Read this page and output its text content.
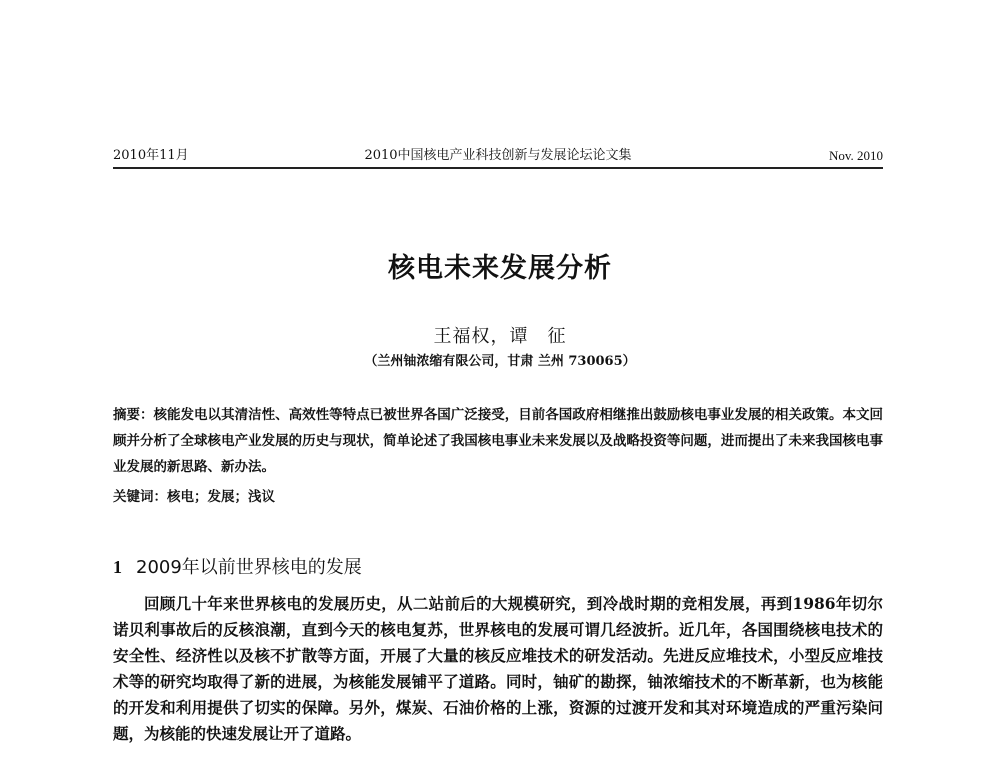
2010年11月	2010中国核电产业科技创新与发展论坛论文集	Nov. 2010
核电未来发展分析
王福权，谭　征
（兰州铀浓缩有限公司，甘肃 兰州 730065）
摘要：核能发电以其清洁性、高效性等特点已被世界各国广泛接受，目前各国政府相继推出鼓励核电事业发展的相关政策。本文回顾并分析了全球核电产业发展的历史与现状，简单论述了我国核电事业未来发展以及战略投资等问题，进而提出了未来我国核电事业发展的新思路、新办法。
关键词：核电；发展；浅议
1 2009年以前世界核电的发展
回顾几十年来世界核电的发展历史，从二站前后的大规模研究，到冷战时期的竞相发展，再到1986年切尔诺贝利事故后的反核浪潮，直到今天的核电复苏，世界核电的发展可谓几经波折。近几年，各国围绕核电技术的安全性、经济性以及核不扩散等方面，开展了大量的核反应堆技术的研发活动。先进反应堆技术，小型反应堆技术等的研究均取得了新的进展，为核能发展铺平了道路。同时，铀矿的勘探，铀浓缩技术的不断革新，也为核能的开发和利用提供了切实的保障。另外，煤炭、石油价格的上涨，资源的过渡开发和其对环境造成的严重污染问题，为核能的快速发展让开了道路。
